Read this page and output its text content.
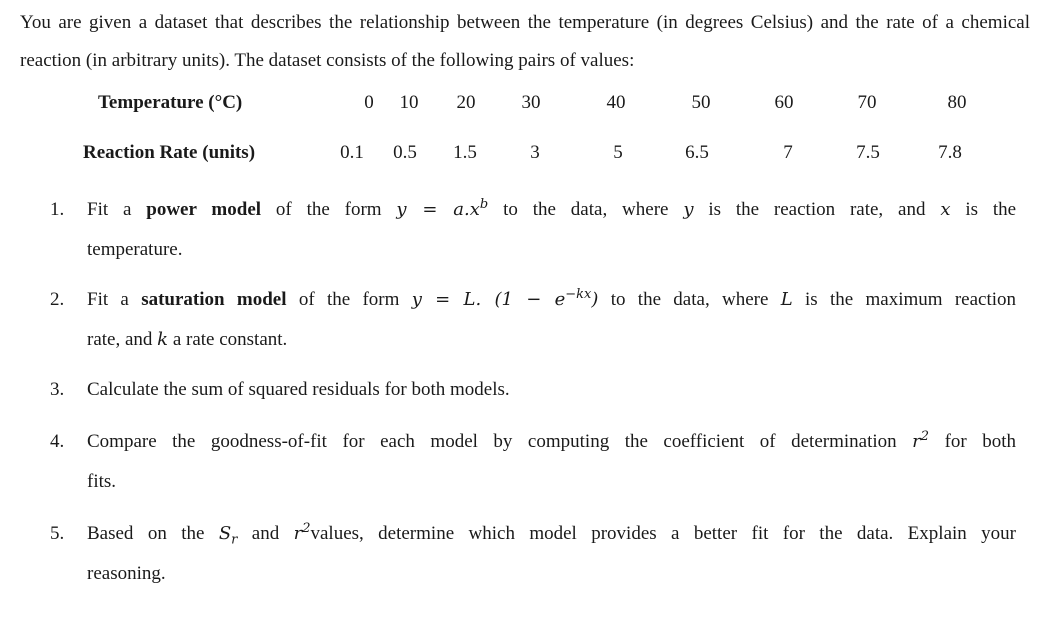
You are given a dataset that describes the relationship between the temperature (in degrees Celsius) and the rate of a chemical reaction (in arbitrary units). The dataset consists of the following pairs of values:
Temperature (°C)	0	10	20	30	40	50	60	70	80
Reaction Rate (units)	0.1	0.5	1.5	3	5	6.5	7	7.5	7.8
1. Fit a power model of the form $y = a.x^b$ to the data, where y is the reaction rate, and x is the
temperature.
2. Fit a saturation model of the form y = L. $(1 - e^{-kx})$ to the data, where L is the maximum reaction
rate, and k a rate constant.
3. Calculate the sum of squared residuals for both models.
4. Compare the goodness-of-fit for each model by computing the coefficient of determination $r^2$ for both
fits.
5. Based on the $S_r$ and $r^2values$, determine which model provides a better fit for the data. Explain your
reasoning.
